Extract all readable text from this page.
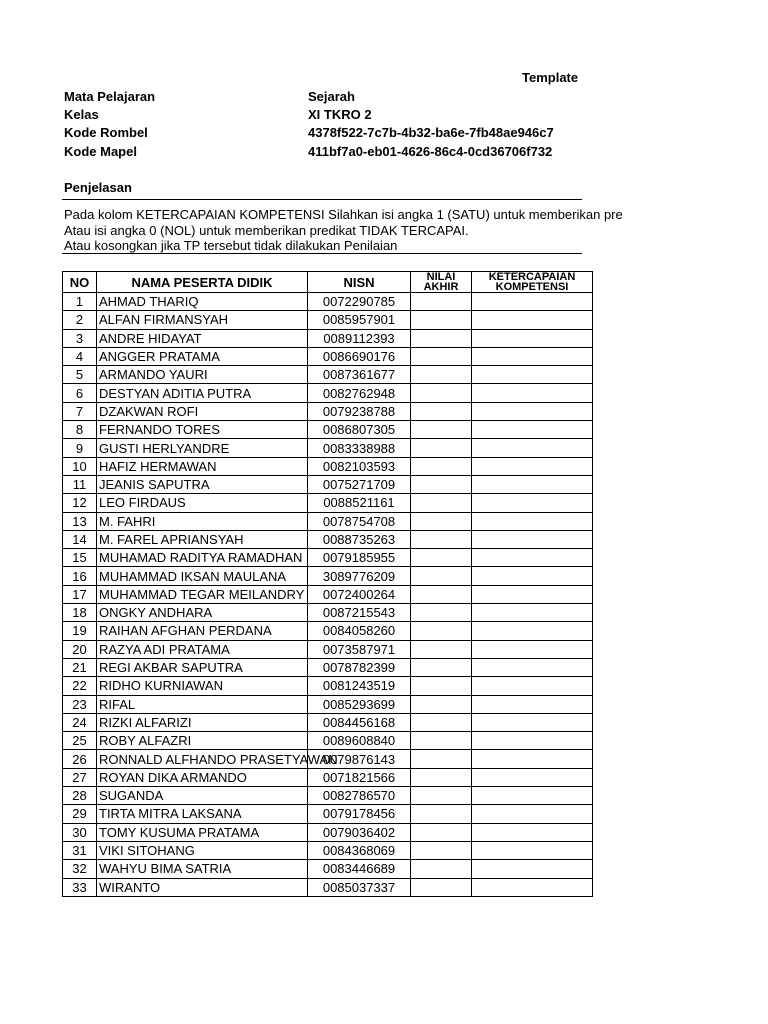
Template
Mata Pelajaran	Sejarah
Kelas	XI TKRO 2
Kode Rombel	4378f522-7c7b-4b32-ba6e-7fb48ae946c7
Kode Mapel	411bf7a0-eb01-4626-86c4-0cd36706f732
Penjelasan
Pada kolom KETERCAPAIAN KOMPETENSI Silahkan isi angka 1 (SATU) untuk memberikan pre
Atau isi angka 0 (NOL) untuk memberikan predikat TIDAK TERCAPAI.
Atau kosongkan jika TP tersebut tidak dilakukan Penilaian
NO	NAMA PESERTA DIDIK	NISN	NILAI AKHIR	KETERCAPAIAN KOMPETENSI
1	AHMAD THARIQ	0072290785		
2	ALFAN FIRMANSYAH	0085957901		
3	ANDRE HIDAYAT	0089112393		
4	ANGGER PRATAMA	0086690176		
5	ARMANDO YAURI	0087361677		
6	DESTYAN ADITIA PUTRA	0082762948		
7	DZAKWAN ROFI	0079238788		
8	FERNANDO TORES	0086807305		
9	GUSTI HERLYANDRE	0083338988		
10	HAFIZ HERMAWAN	0082103593		
11	JEANIS SAPUTRA	0075271709		
12	LEO FIRDAUS	0088521161		
13	M. FAHRI	0078754708		
14	M. FAREL APRIANSYAH	0088735263		
15	MUHAMAD RADITYA RAMADHAN	0079185955		
16	MUHAMMAD IKSAN MAULANA	3089776209		
17	MUHAMMAD TEGAR MEILANDRY	0072400264		
18	ONGKY ANDHARA	0087215543		
19	RAIHAN AFGHAN PERDANA	0084058260		
20	RAZYA ADI PRATAMA	0073587971		
21	REGI AKBAR SAPUTRA	0078782399		
22	RIDHO KURNIAWAN	0081243519		
23	RIFAL	0085293699		
24	RIZKI ALFARIZI	0084456168		
25	ROBY ALFAZRI	0089608840		
26	RONNALD ALFHANDO PRASETYAWAN	0079876143		
27	ROYAN DIKA ARMANDO	0071821566		
28	SUGANDA	0082786570		
29	TIRTA MITRA LAKSANA	0079178456		
30	TOMY KUSUMA PRATAMA	0079036402		
31	VIKI SITOHANG	0084368069		
32	WAHYU BIMA SATRIA	0083446689		
33	WIRANTO	0085037337		
